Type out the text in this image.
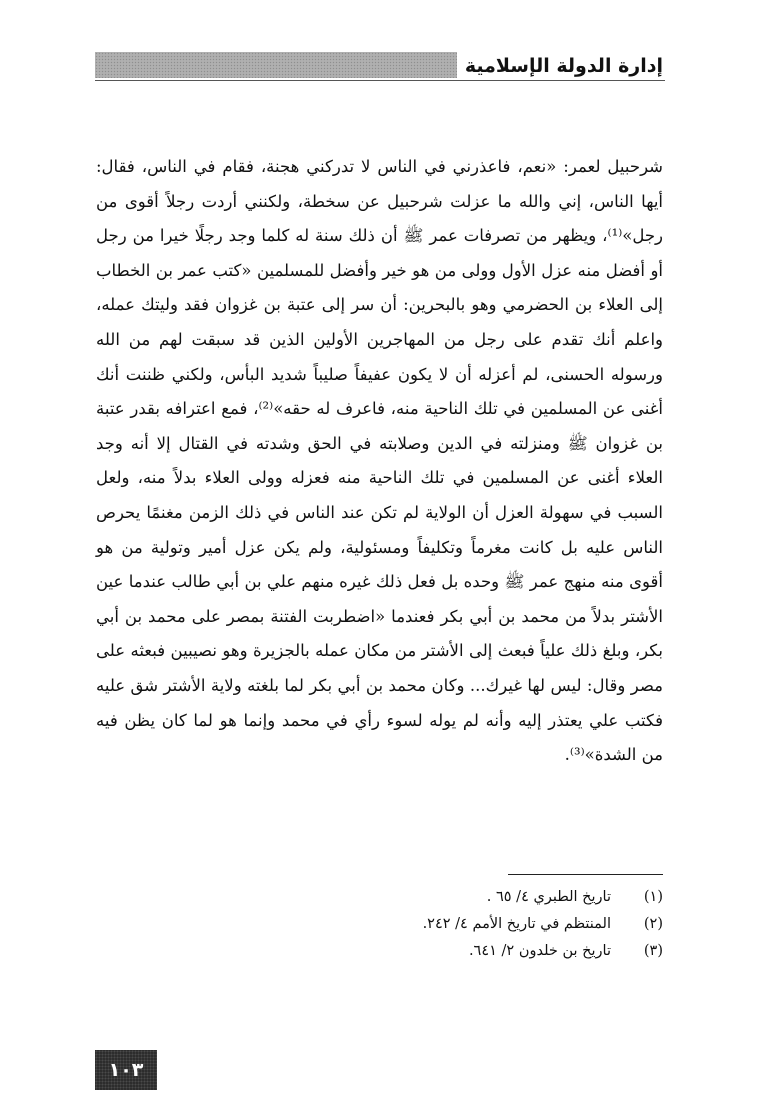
إدارة الدولة الإسلامية

شرحبيل لعمر: «نعم، فاعذرني في الناس لا تدركني هجنة، فقام في الناس، فقال: أيها الناس، إني والله ما عزلت شرحبيل عن سخطة، ولكنني أردت رجلاً أقوى من رجل»⁽¹⁾، ويظهر من تصرفات عمر ﷺ أن ذلك سنة له كلما وجد رجلًا خيرا من رجل أو أفضل منه عزل الأول وولى من هو خير وأفضل للمسلمين «كتب عمر بن الخطاب إلى العلاء بن الحضرمي وهو بالبحرين: أن سر إلى عتبة بن غزوان فقد وليتك عمله، واعلم أنك تقدم على رجل من المهاجرين الأولين الذين قد سبقت لهم من الله ورسوله الحسنى، لم أعزله أن لا يكون عفيفاً صليباً شديد البأس، ولكني ظننت أنك أغنى عن المسلمين في تلك الناحية منه، فاعرف له حقه»⁽²⁾، فمع اعترافه بقدر عتبة بن غزوان ﷺ ومنزلته في الدين وصلابته في الحق وشدته في القتال إلا أنه وجد العلاء أغنى عن المسلمين في تلك الناحية منه فعزله وولى العلاء بدلاً منه، ولعل السبب في سهولة العزل أن الولاية لم تكن عند الناس في ذلك الزمن مغنمًا يحرص الناس عليه بل كانت مغرماً وتكليفاً ومسئولية، ولم يكن عزل أمير وتولية من هو أقوى منه منهج عمر ﷺ وحده بل فعل ذلك غيره منهم علي بن أبي طالب عندما عين الأشتر بدلاً من محمد بن أبي بكر فعندما «اضطربت الفتنة بمصر على محمد بن أبي بكر، وبلغ ذلك علياً فبعث إلى الأشتر من مكان عمله بالجزيرة وهو نصيبين فبعثه على مصر وقال: ليس لها غيرك... وكان محمد بن أبي بكر لما بلغته ولاية الأشتر شق عليه فكتب علي يعتذر إليه وأنه لم يوله لسوء رأي في محمد وإنما هو لما كان يظن فيه من الشدة»⁽³⁾.

(١)
تاريخ الطبري ٤/ ٦٥ .
(٢)
المنتظم في تاريخ الأمم ٤/ ٢٤٢.
(٣)
تاريخ بن خلدون ٢/ ٦٤١.
١٠٣
